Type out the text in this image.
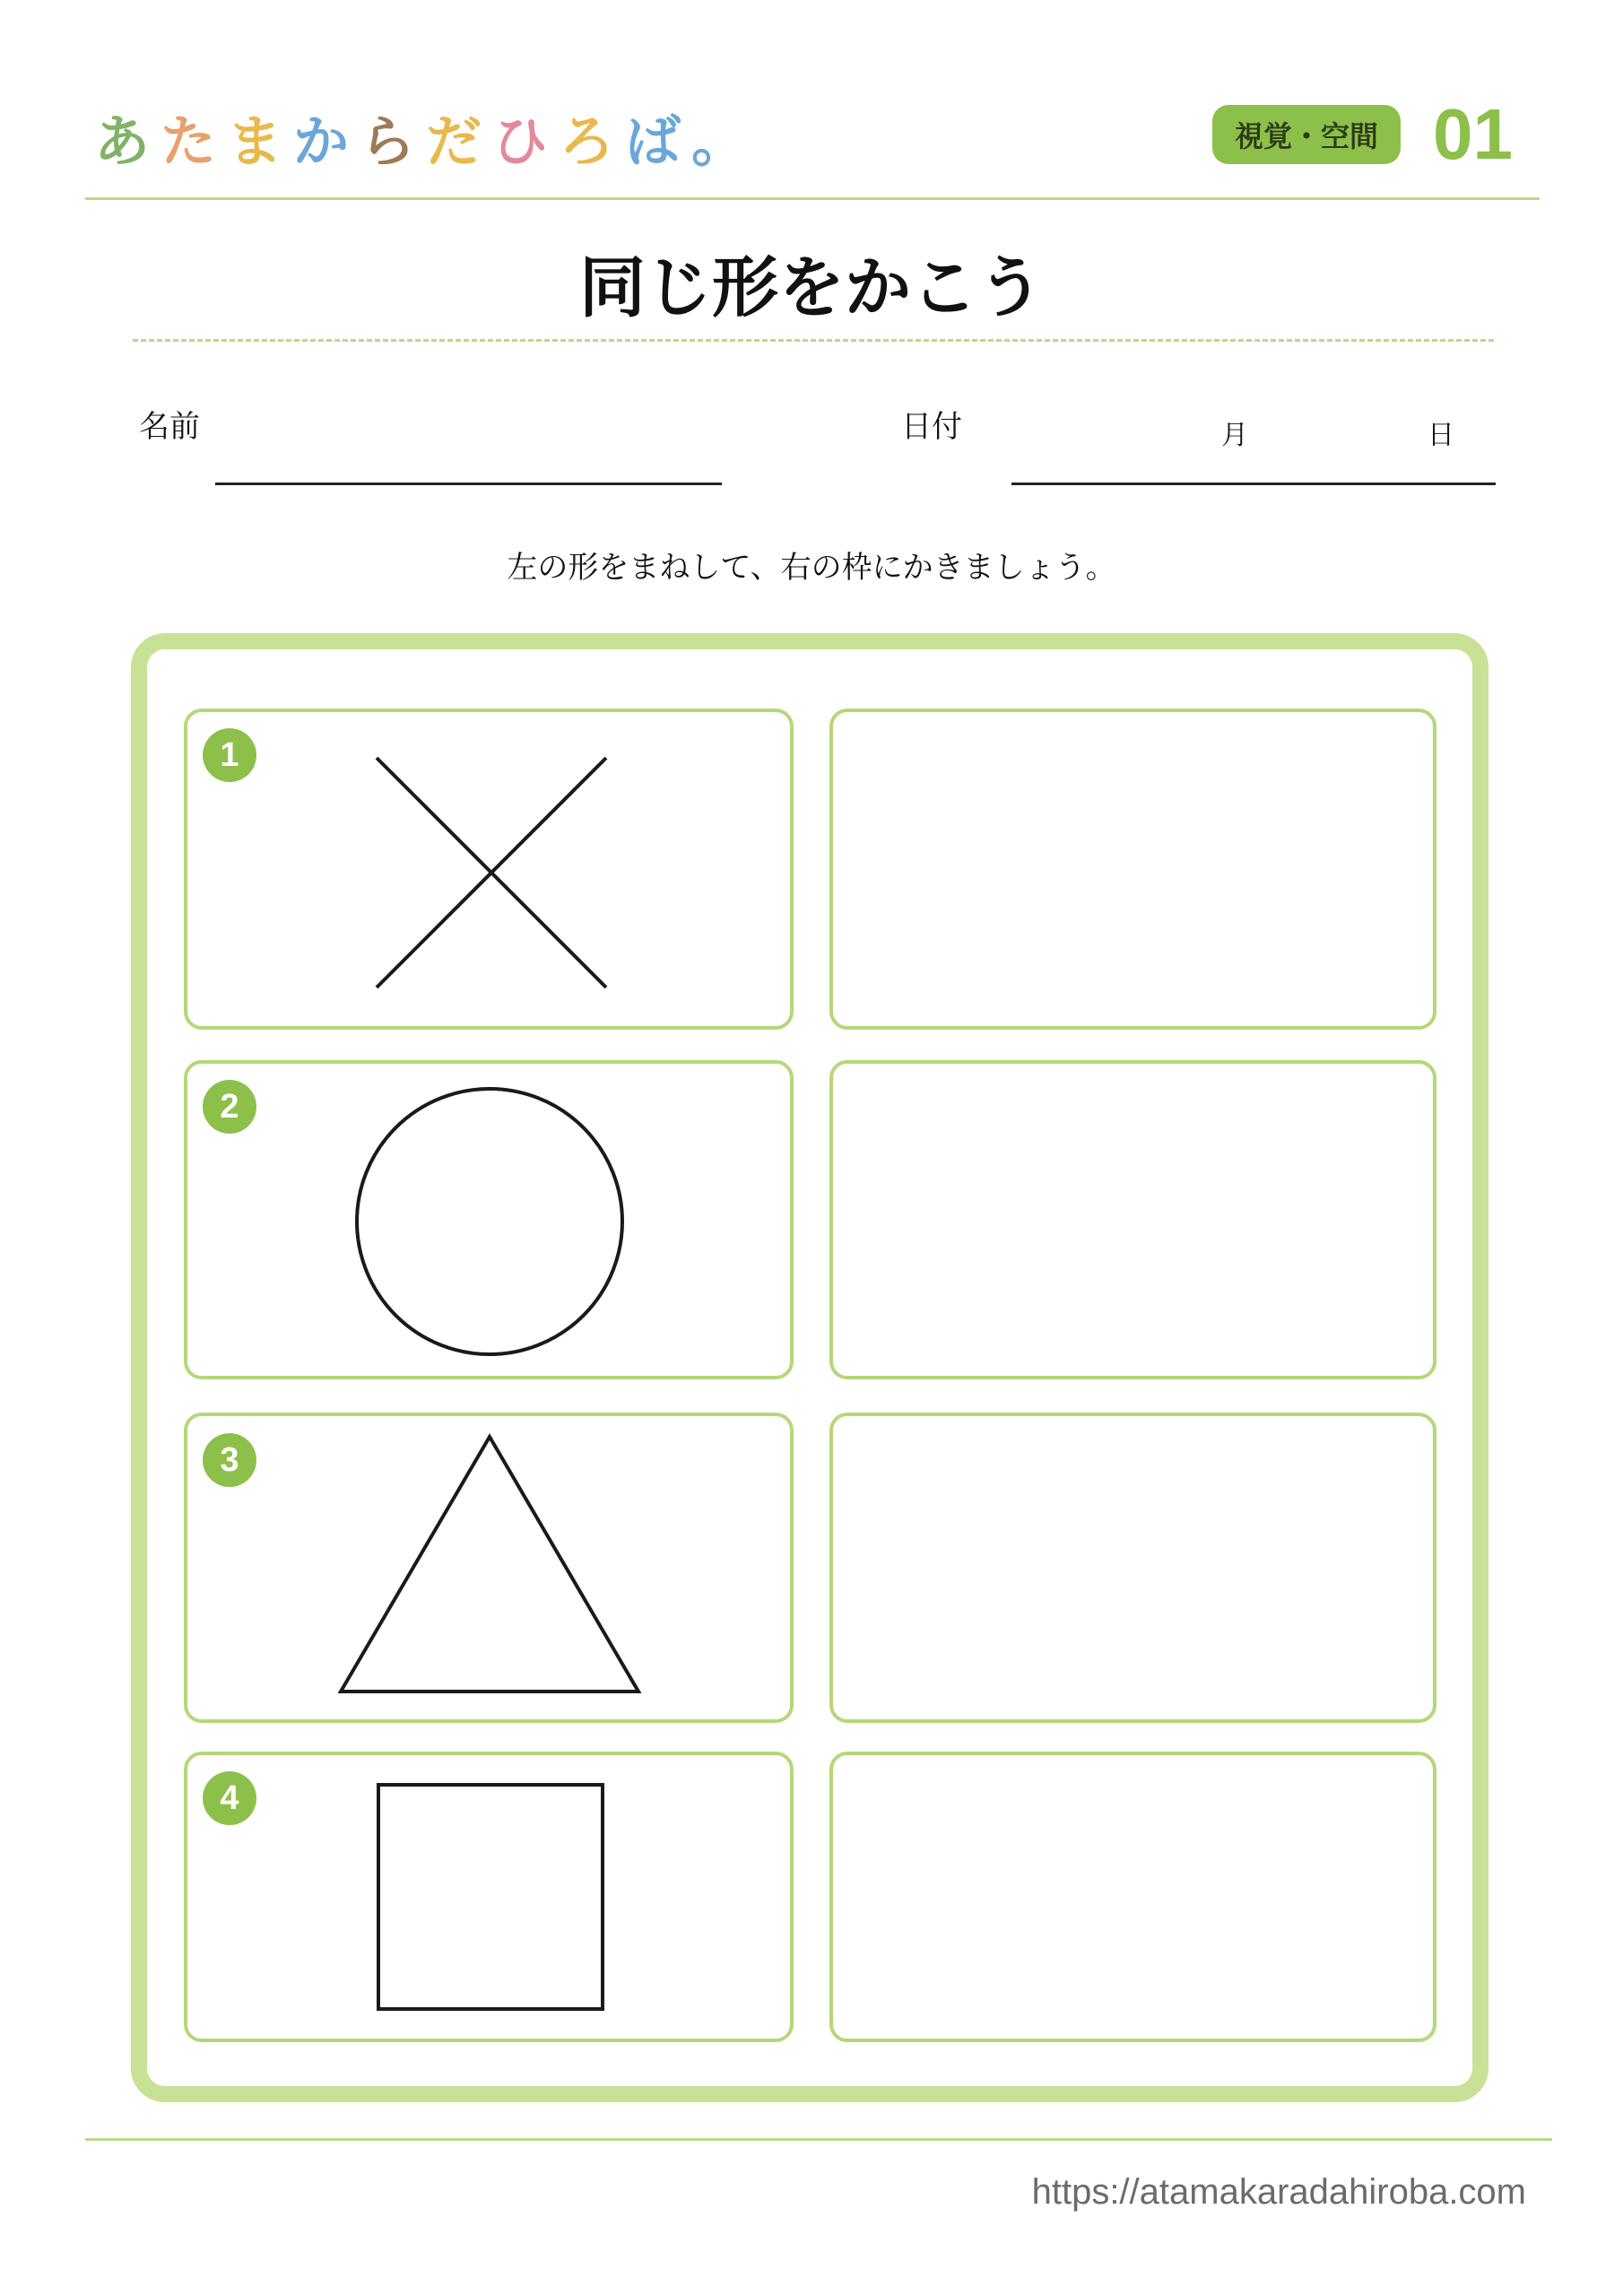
あたまからだひろば。	視覚・空間 01
同じ形をかこう
名前	日付	月	日
左の形をまねして、右の枠にかきましょう。
1
2
3
4
https://atamakaradahiroba.com
